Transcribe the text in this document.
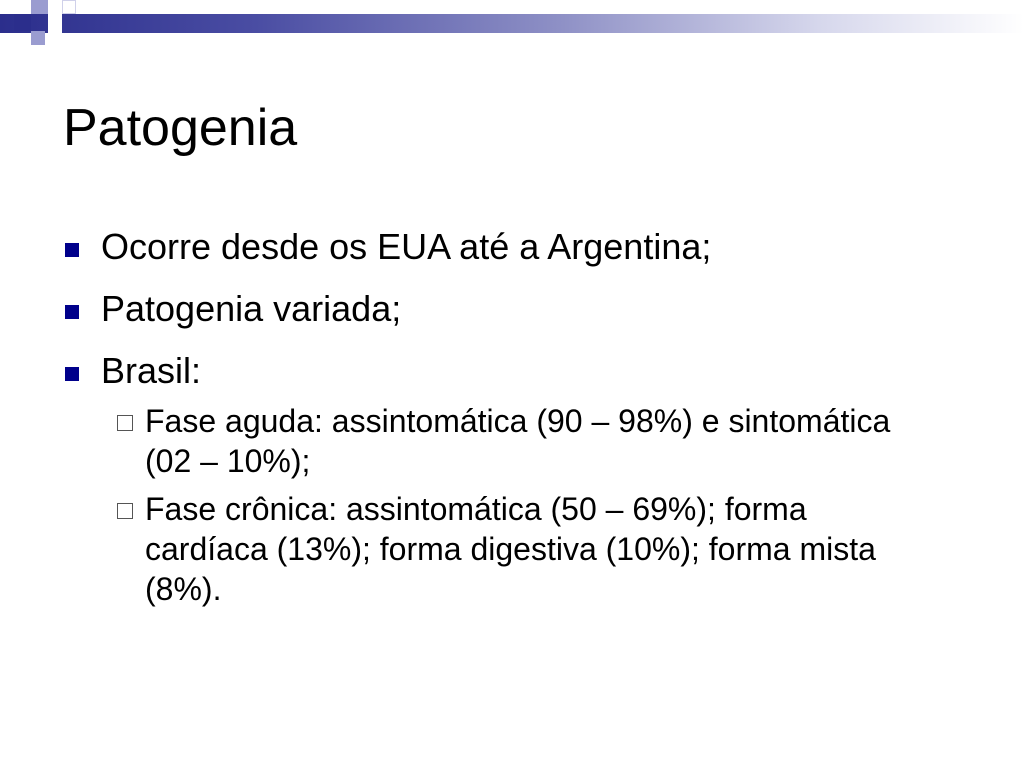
Patogenia
Ocorre desde os EUA até a Argentina;
Patogenia variada;
Brasil:
Fase aguda: assintomática (90 – 98%) e sintomática (02 – 10%);
Fase crônica: assintomática (50 – 69%); forma cardíaca (13%); forma digestiva (10%); forma mista (8%).
